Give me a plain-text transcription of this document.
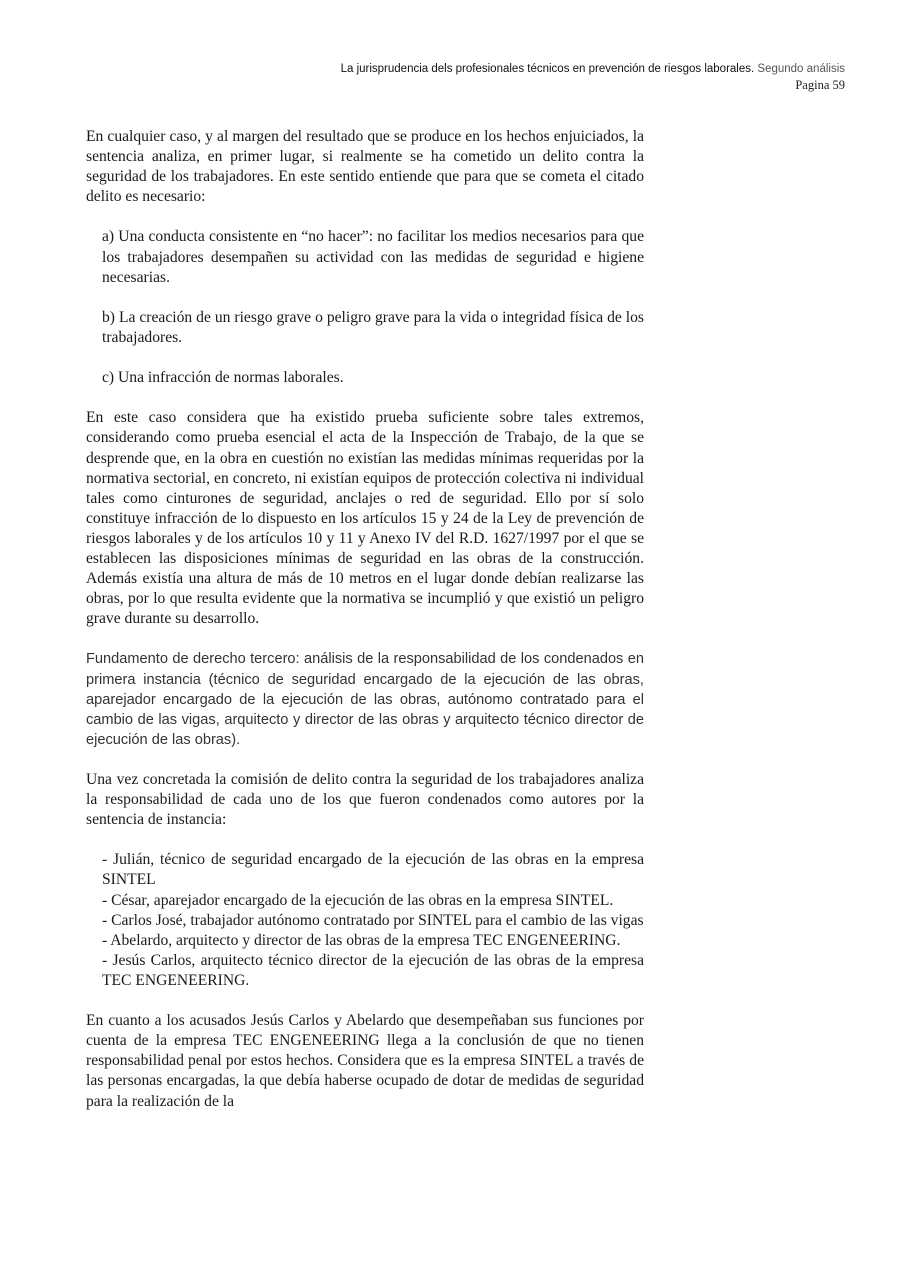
La jurisprudencia dels profesionales técnicos en prevención de riesgos laborales. Segundo análisis
Pagina 59

En cualquier caso, y al margen del resultado que se produce en los hechos enjuiciados, la sentencia analiza, en primer lugar, si realmente se ha cometido un delito contra la seguridad de los trabajadores. En este sentido entiende que para que se cometa el citado delito es necesario:

a) Una conducta consistente en “no hacer”: no facilitar los medios necesarios para que los trabajadores desempañen su actividad con las medidas de seguridad e higiene necesarias.

b) La creación de un riesgo grave o peligro grave para la vida o integridad física de los trabajadores.

c) Una infracción de normas laborales.

En este caso considera que ha existido prueba suficiente sobre tales extremos, considerando como prueba esencial el acta de la Inspección de Trabajo, de la que se desprende que, en la obra en cuestión no existían las medidas mínimas requeridas por la normativa sectorial, en concreto, ni existían equipos de protección colectiva ni individual tales como cinturones de seguridad, anclajes o red de seguridad. Ello por sí solo constituye infracción de lo dispuesto en los artículos 15 y 24 de la Ley de prevención de riesgos laborales y de los artículos 10 y 11 y Anexo IV del R.D. 1627/1997 por el que se establecen las disposiciones mínimas de seguridad en las obras de la construcción. Además existía una altura de más de 10 metros en el lugar donde debían realizarse las obras, por lo que resulta evidente que la normativa se incumplió y que existió un peligro grave durante su desarrollo.

Fundamento de derecho tercero: análisis de la responsabilidad de los condenados en primera instancia (técnico de seguridad encargado de la ejecución de las obras, aparejador encargado de la ejecución de las obras, autónomo contratado para el cambio de las vigas, arquitecto y director de las obras y arquitecto técnico director de ejecución de las obras).

Una vez concretada la comisión de delito contra la seguridad de los trabajadores analiza la responsabilidad de cada uno de los que fueron condenados como autores por la sentencia de instancia:

- Julián, técnico de seguridad encargado de la ejecución de las obras en la empresa SINTEL
- César, aparejador encargado de la ejecución de las obras en la empresa SINTEL.
- Carlos José, trabajador autónomo contratado por SINTEL para el cambio de las vigas
- Abelardo, arquitecto y director de las obras de la empresa TEC ENGENEERING.
- Jesús Carlos, arquitecto técnico director de la ejecución de las obras de la empresa TEC ENGENEERING.

En cuanto a los acusados Jesús Carlos y Abelardo que desempeñaban sus funciones por cuenta de la empresa TEC ENGENEERING llega a la conclusión de que no tienen responsabilidad penal por estos hechos. Considera que es la empresa SINTEL a través de las personas encargadas, la que debía haberse ocupado de dotar de medidas de seguridad para la realización de la
